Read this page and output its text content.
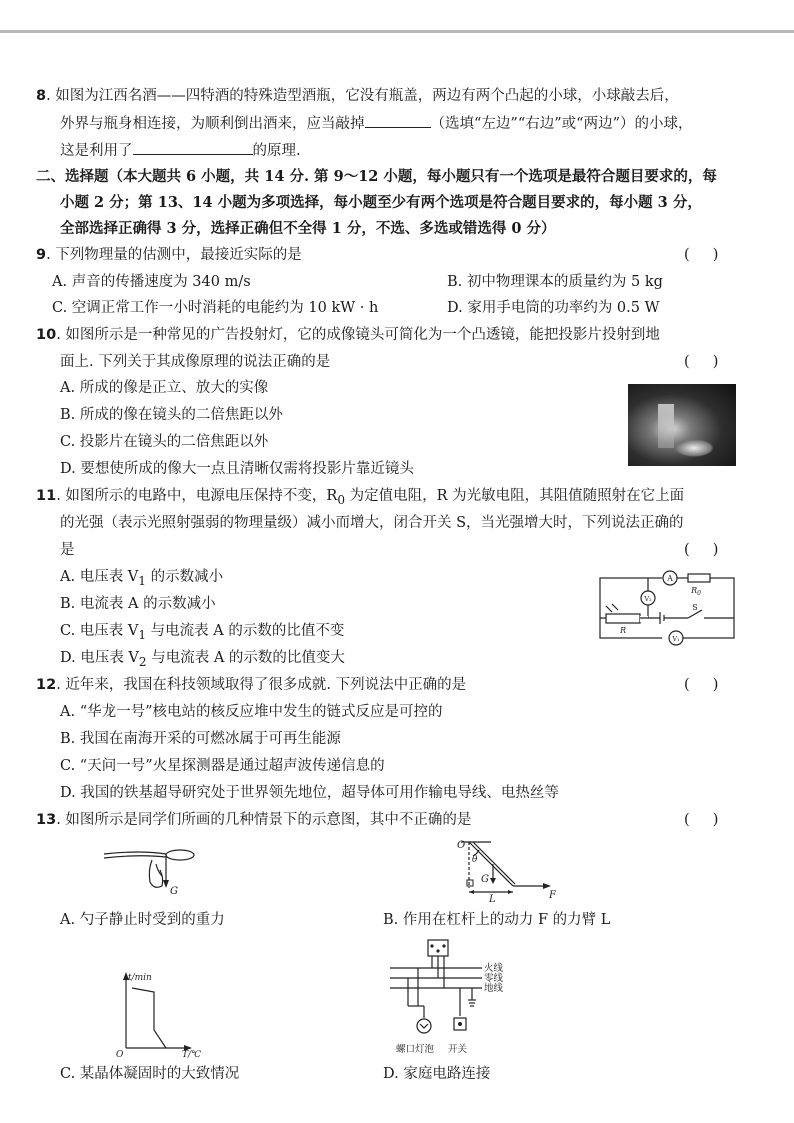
8. 如图为江西名酒——四特酒的特殊造型酒瓶，它没有瓶盖，两边有两个凸起的小球，小球敲去后，
外界与瓶身相连接，为顺利倒出酒来，应当敲掉	（选填“左边”“右边”或“两边”）的小球，
这是利用了	的原理.
二、选择题（本大题共 6 小题，共 14 分. 第 9～12 小题，每小题只有一个选项是最符合题目要求的，每
小题 2 分；第 13、14 小题为多项选择，每小题至少有两个选项是符合题目要求的，每小题 3 分，
全部选择正确得 3 分，选择正确但不全得 1 分，不选、多选或错选得 0 分）
9. 下列物理量的估测中，最接近实际的是	(     )
A. 声音的传播速度为 340 m/s	B. 初中物理课本的质量约为 5 kg
C. 空调正常工作一小时消耗的电能约为 10 kW · h	D. 家用手电筒的功率约为 0.5 W
10. 如图所示是一种常见的广告投射灯，它的成像镜头可简化为一个凸透镜，能把投影片投射到地
面上. 下列关于其成像原理的说法正确的是	(     )
A. 所成的像是正立、放大的实像
B. 所成的像在镜头的二倍焦距以外
C. 投影片在镜头的二倍焦距以外
D. 要想使所成的像大一点且清晰仅需将投影片靠近镜头
11. 如图所示的电路中，电源电压保持不变，$R_0$ 为定值电阻，R 为光敏电阻，其阻值随照射在它上面
的光强（表示光照射强弱的物理量级）减小而增大，闭合开关 S，当光强增大时，下列说法正确的
是	(     )
A. 电压表 $V_1$ 的示数减小
B. 电流表 A 的示数减小
C. 电压表 $V_1$ 与电流表 A 的示数的比值不变
D. 电压表 $V_2$ 与电流表 A 的示数的比值变大
A
V₂
V₁
$R_0$
S
R
12. 近年来，我国在科技领域取得了很多成就. 下列说法中正确的是	(     )
A. “华龙一号”核电站的核反应堆中发生的链式反应是可控的
B. 我国在南海开采的可燃冰属于可再生能源
C. “天问一号”火星探测器是通过超声波传递信息的
D. 我国的铁基超导研究处于世界领先地位，超导体可用作输电导线、电热丝等
13. 如图所示是同学们所画的几种情景下的示意图，其中不正确的是	(     )
G
O
θ
G
L	F
A. 勺子静止时受到的重力	B. 作用在杠杆上的动力 F 的力臂 L
t/min
T/℃
O
火线
零线
地线
螺口灯泡 开关
C. 某晶体凝固时的大致情况	D. 家庭电路连接
